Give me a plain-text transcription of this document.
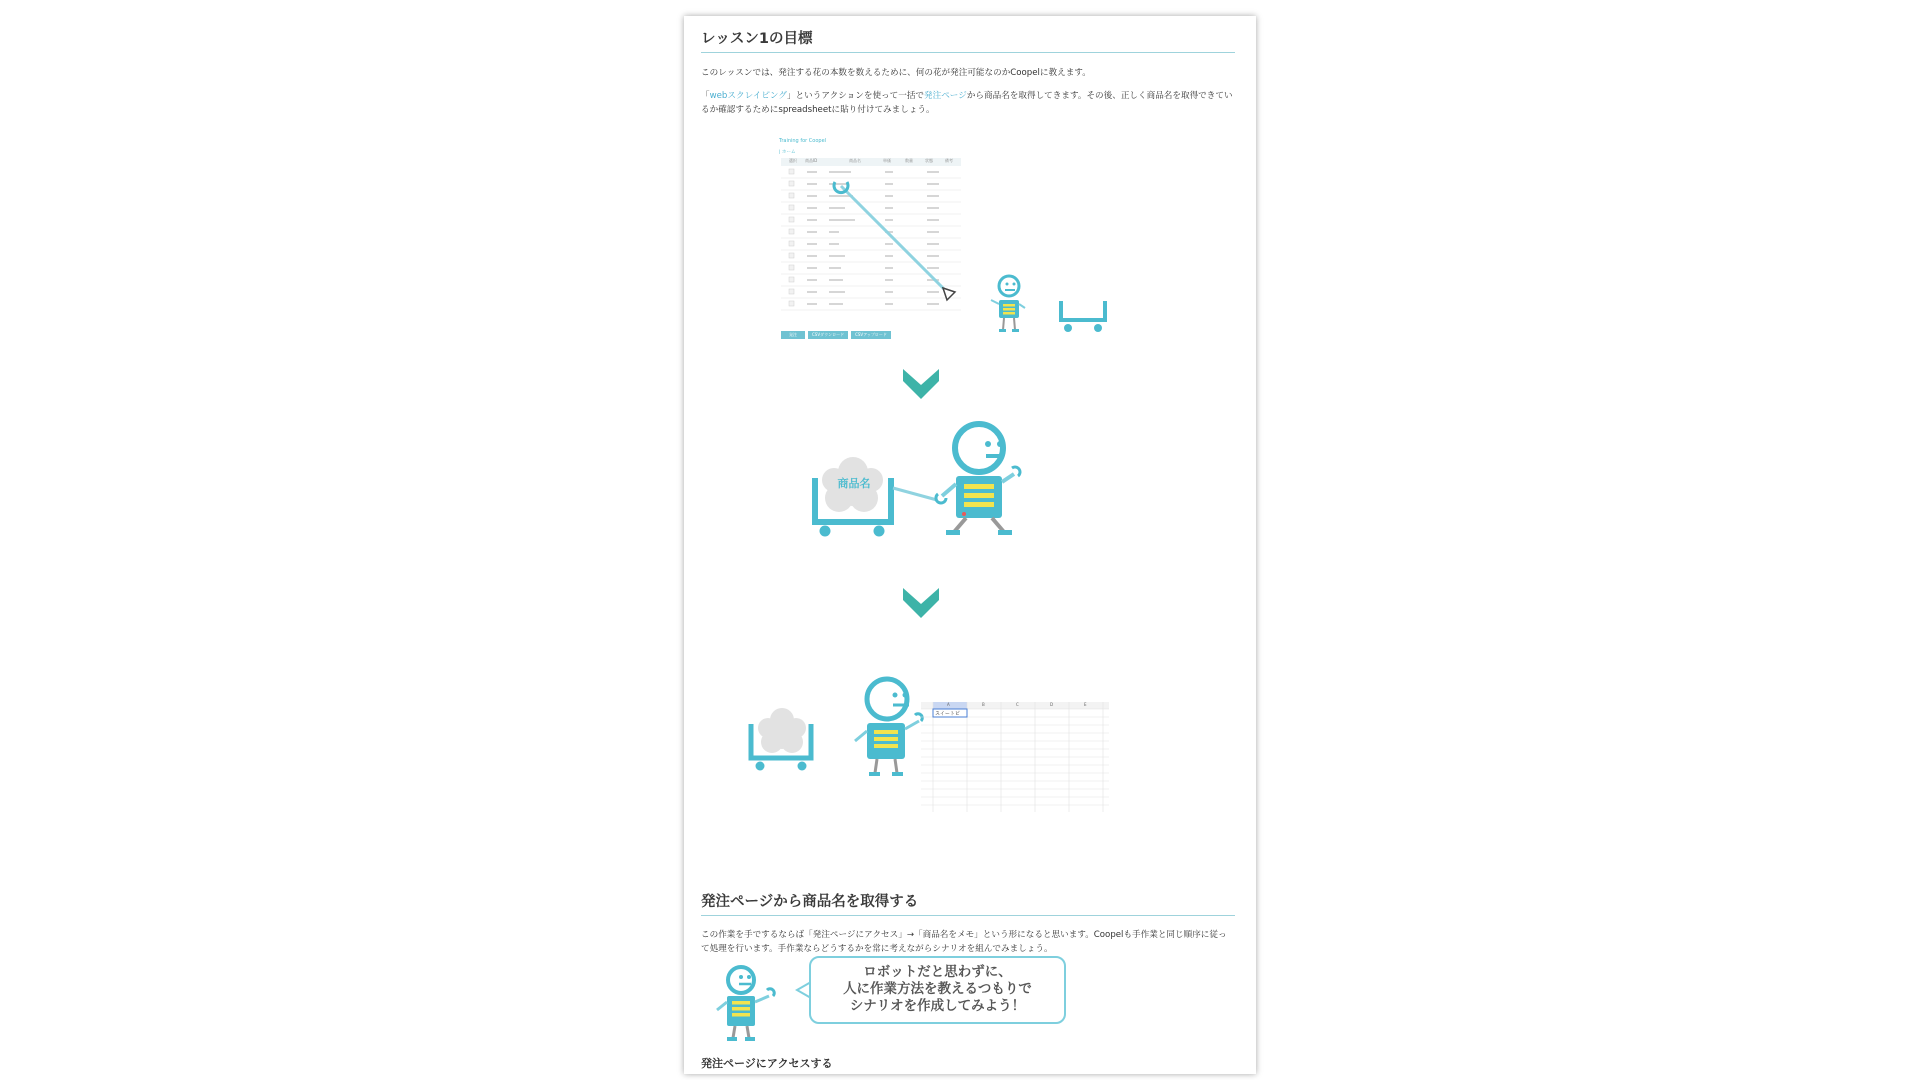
レッスン1の目標

このレッスンでは、発注する花の本数を数えるために、何の花が発注可能なのかCoopelに教えます。

「webスクレイピング」というアクションを使って一括で発注ページから商品名を取得してきます。その後、正しく商品名を取得できているか確認するためにspreadsheetに貼り付けてみましょう。

Training for Coopel
| ホーム
選択	商品ID	商品名	単価	数量	状態	備考
発注	CSVダウンロード	CSVアップロード
商品名
A	B	C	D	E
スイートピ
発注ページから商品名を取得する

この作業を手でするならば「発注ページにアクセス」→「商品名をメモ」という形になると思います。Coopelも手作業と同じ順序に従って処理を行います。手作業ならどうするかを常に考えながらシナリオを組んでみましょう。

ロボットだと思わずに、
人に作業方法を教えるつもりで
シナリオを作成してみよう！
発注ページにアクセスする
